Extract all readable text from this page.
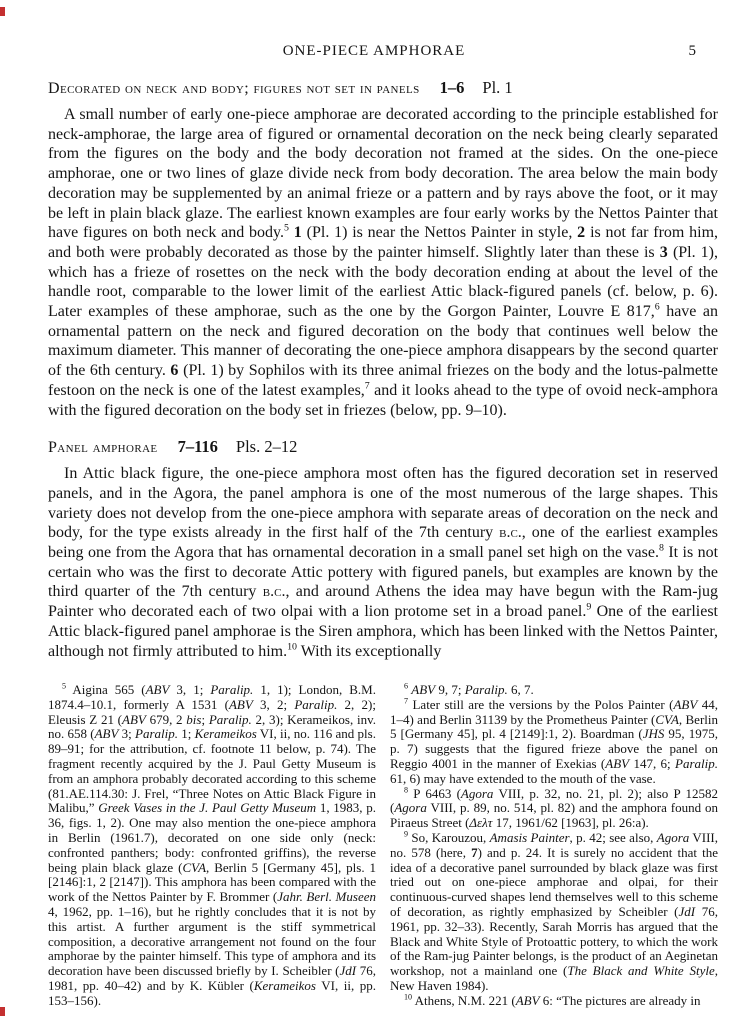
ONE-PIECE AMPHORAE	5
Decorated on neck and body; figures not set in panels 1–6 Pl. 1

A small number of early one-piece amphorae are decorated according to the principle established for neck-amphorae, the large area of figured or ornamental decoration on the neck being clearly separated from the figures on the body and the body decoration not framed at the sides. On the one-piece amphorae, one or two lines of glaze divide neck from body decoration. The area below the main body decoration may be supplemented by an animal frieze or a pattern and by rays above the foot, or it may be left in plain black glaze. The earliest known examples are four early works by the Nettos Painter that have figures on both neck and body.$^5$ 1 (Pl. 1) is near the Nettos Painter in style, 2 is not far from him, and both were probably decorated as those by the painter himself. Slightly later than these is 3 (Pl. 1), which has a frieze of rosettes on the neck with the body decoration ending at about the level of the handle root, comparable to the lower limit of the earliest Attic black-figured panels (cf. below, p. 6). Later examples of these amphorae, such as the one by the Gorgon Painter, Louvre E 817,$^6$ have an ornamental pattern on the neck and figured decoration on the body that continues well below the maximum diameter. This manner of decorating the one-piece amphora disappears by the second quarter of the 6th century. 6 (Pl. 1) by Sophilos with its three animal friezes on the body and the lotus-palmette festoon on the neck is one of the latest examples,$^7$ and it looks ahead to the type of ovoid neck-amphora with the figured decoration on the body set in friezes (below, pp. 9–10).

Panel amphorae 7–116 Pls. 2–12

In Attic black figure, the one-piece amphora most often has the figured decoration set in reserved panels, and in the Agora, the panel amphora is one of the most numerous of the large shapes. This variety does not develop from the one-piece amphora with separate areas of decoration on the neck and body, for the type exists already in the first half of the 7th century b.c., one of the earliest examples being one from the Agora that has ornamental decoration in a small panel set high on the vase.$^8$ It is not certain who was the first to decorate Attic pottery with figured panels, but examples are known by the third quarter of the 7th century b.c., and around Athens the idea may have begun with the Ram-jug Painter who decorated each of two olpai with a lion protome set in a broad panel.$^9$ One of the earliest Attic black-figured panel amphorae is the Siren amphora, which has been linked with the Nettos Painter, although not firmly attributed to him.$^{10}$ With its exceptionally

$^5$ Aigina 565 (ABV 3, 1; Paralip. 1, 1); London, B.M. 1874.4–10.1, formerly A 1531 (ABV 3, 2; Paralip. 2, 2); Eleusis Z 21 (ABV 679, 2 bis; Paralip. 2, 3); Kerameikos, inv. no. 658 (ABV 3; Paralip. 1; Kerameikos VI, ii, no. 116 and pls. 89–91; for the attribution, cf. footnote 11 below, p. 74). The fragment recently acquired by the J. Paul Getty Museum is from an amphora probably decorated according to this scheme (81.AE.114.30: J. Frel, “Three Notes on Attic Black Figure in Malibu,” Greek Vases in the J. Paul Getty Museum 1, 1983, p. 36, figs. 1, 2). One may also mention the one-piece amphora in Berlin (1961.7), decorated on one side only (neck: confronted panthers; body: confronted griffins), the reverse being plain black glaze (CVA, Berlin 5 [Germany 45], pls. 1 [2146]:1, 2 [2147]). This amphora has been compared with the work of the Nettos Painter by F. Brommer (Jahr. Berl. Museen 4, 1962, pp. 1–16), but he rightly concludes that it is not by this artist. A further argument is the stiff symmetrical composition, a decorative arrangement not found on the four amphorae by the painter himself. This type of amphora and its decoration have been discussed briefly by I. Scheibler (JdI 76, 1981, pp. 40–42) and by K. Kübler (Kerameikos VI, ii, pp. 153–156).

$^6$ ABV 9, 7; Paralip. 6, 7.

$^7$ Later still are the versions by the Polos Painter (ABV 44, 1–4) and Berlin 31139 by the Prometheus Painter (CVA, Berlin 5 [Germany 45], pl. 4 [2149]:1, 2). Boardman (JHS 95, 1975, p. 7) suggests that the figured frieze above the panel on Reggio 4001 in the manner of Exekias (ABV 147, 6; Paralip. 61, 6) may have extended to the mouth of the vase.

$^8$ P 6463 (Agora VIII, p. 32, no. 21, pl. 2); also P 12582 (Agora VIII, p. 89, no. 514, pl. 82) and the amphora found on Piraeus Street (Δελτ 17, 1961/62 [1963], pl. 26:a).

$^9$ So, Karouzou, Amasis Painter, p. 42; see also, Agora VIII, no. 578 (here, 7) and p. 24. It is surely no accident that the idea of a decorative panel surrounded by black glaze was first tried out on one-piece amphorae and olpai, for their continuous-curved shapes lend themselves well to this scheme of decoration, as rightly emphasized by Scheibler (JdI 76, 1961, pp. 32–33). Recently, Sarah Morris has argued that the Black and White Style of Protoattic pottery, to which the work of the Ram-jug Painter belongs, is the product of an Aeginetan workshop, not a mainland one (The Black and White Style, New Haven 1984).

$^{10}$ Athens, N.M. 221 (ABV 6: “The pictures are already in
